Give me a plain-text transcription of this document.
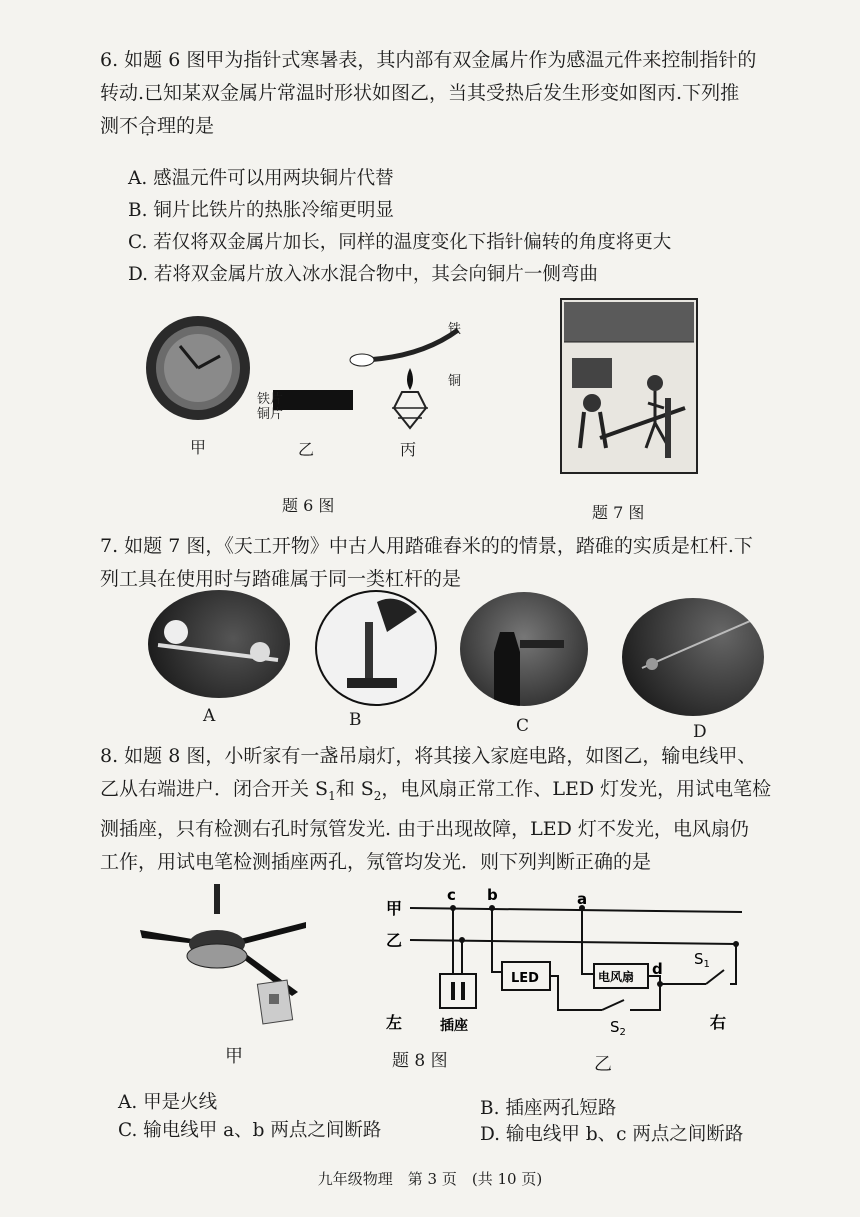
6. 如题 6 图甲为指针式寒暑表，其内部有双金属片作为感温元件来控制指针的
转动.已知某双金属片常温时形状如图乙，当其受热后发生形变如图丙.下列推
测不合理的是
A. 感温元件可以用两块铜片代替
B. 铜片比铁片的热胀冷缩更明显
C. 若仅将双金属片加长，同样的温度变化下指针偏转的角度将更大
D. 若将双金属片放入冰水混合物中，其会向铜片一侧弯曲
铁片
铜片
铁
铜
甲	乙	丙
题 6 图	题 7 图
7. 如题 7 图，《天工开物》中古人用踏碓舂米的的情景，踏碓的实质是杠杆.下
列工具在使用时与踏碓属于同一类杠杆的是
A	B	C	D
8. 如题 8 图，小昕家有一盏吊扇灯，将其接入家庭电路，如图乙，输电线甲、
乙从右端进户．闭合开关 $S_1$和 $S_2$，电风扇正常工作、LED 灯发光，用试电笔检
测插座，只有检测右孔时氖管发光. 由于出现故障，LED 灯不发光，电风扇仍
工作，用试电笔检测插座两孔，氖管均发光．则下列判断正确的是
甲
甲
乙
c b	a
d
LED	电风扇
插座
$S_1$
$S_2$
左	右
题 8 图	乙
A. 甲是火线	B. 插座两孔短路
C. 输电线甲 a、b 两点之间断路	D. 输电线甲 b、c 两点之间断路
九年级物理　第 3 页　(共 10 页)
